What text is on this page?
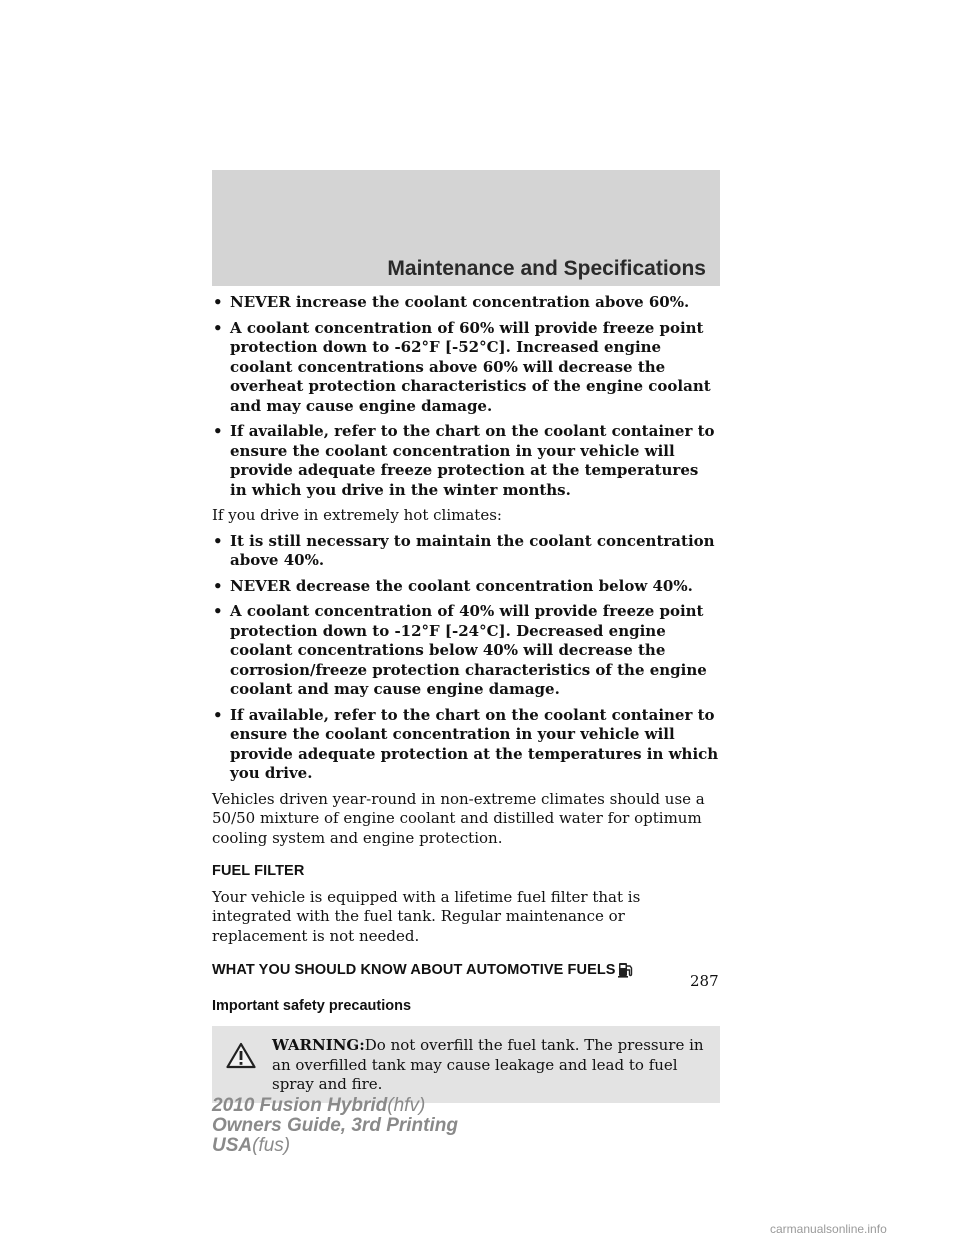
Maintenance and Specifications
• NEVER increase the coolant concentration above 60%.
• A coolant concentration of 60% will provide freeze point protection down to -62°F [-52°C]. Increased engine coolant concentrations above 60% will decrease the overheat protection characteristics of the engine coolant and may cause engine damage.
• If available, refer to the chart on the coolant container to ensure the coolant concentration in your vehicle will provide adequate freeze protection at the temperatures in which you drive in the winter months.

If you drive in extremely hot climates:

• It is still necessary to maintain the coolant concentration above 40%.
• NEVER decrease the coolant concentration below 40%.
• A coolant concentration of 40% will provide freeze point protection down to -12°F [-24°C]. Decreased engine coolant concentrations below 40% will decrease the corrosion/freeze protection characteristics of the engine coolant and may cause engine damage.
• If available, refer to the chart on the coolant container to ensure the coolant concentration in your vehicle will provide adequate protection at the temperatures in which you drive.

Vehicles driven year-round in non-extreme climates should use a 50/50 mixture of engine coolant and distilled water for optimum cooling system and engine protection.

FUEL FILTER

Your vehicle is equipped with a lifetime fuel filter that is integrated with the fuel tank. Regular maintenance or replacement is not needed.

WHAT YOU SHOULD KNOW ABOUT AUTOMOTIVE FUELS
Important safety precautions
WARNING:Do not overfill the fuel tank. The pressure in an overfilled tank may cause leakage and lead to fuel spray and fire.
287
2010 Fusion Hybrid(hfv)
Owners Guide, 3rd Printing
USA(fus)
carmanualsonline.info
